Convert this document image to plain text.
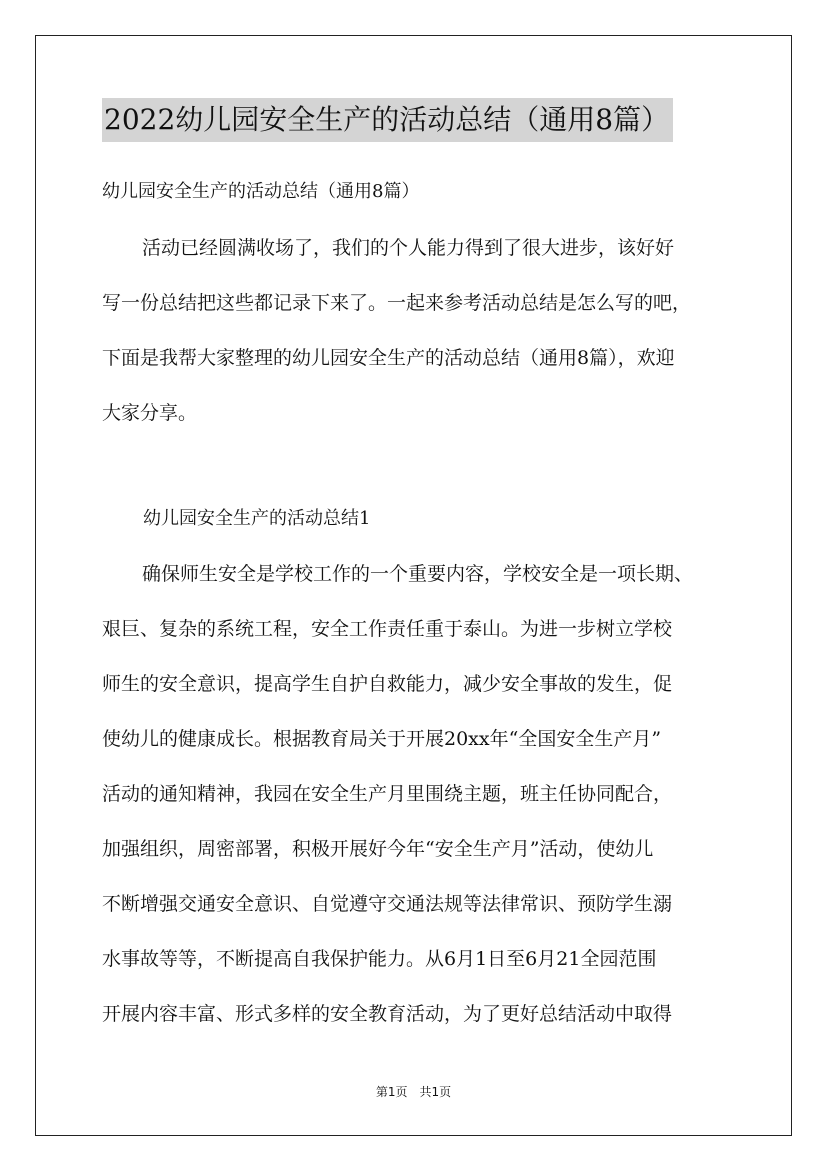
2022幼儿园安全生产的活动总结（通用8篇）
幼儿园安全生产的活动总结（通用8篇）
活动已经圆满收场了，我们的个人能力得到了很大进步，该好好
写一份总结把这些都记录下来了。一起来参考活动总结是怎么写的吧，
下面是我帮大家整理的幼儿园安全生产的活动总结（通用8篇），欢迎
大家分享。
幼儿园安全生产的活动总结1
确保师生安全是学校工作的一个重要内容，学校安全是一项长期、
艰巨、复杂的系统工程，安全工作责任重于泰山。为进一步树立学校
师生的安全意识，提高学生自护自救能力，减少安全事故的发生，促
使幼儿的健康成长。根据教育局关于开展20xx年“全国安全生产月”
活动的通知精神，我园在安全生产月里围绕主题，班主任协同配合，
加强组织，周密部署，积极开展好今年“安全生产月”活动，使幼儿
不断增强交通安全意识、自觉遵守交通法规等法律常识、预防学生溺
水事故等等，不断提高自我保护能力。从6月1日至6月21全园范围
开展内容丰富、形式多样的安全教育活动，为了更好总结活动中取得
第1页　共1页
